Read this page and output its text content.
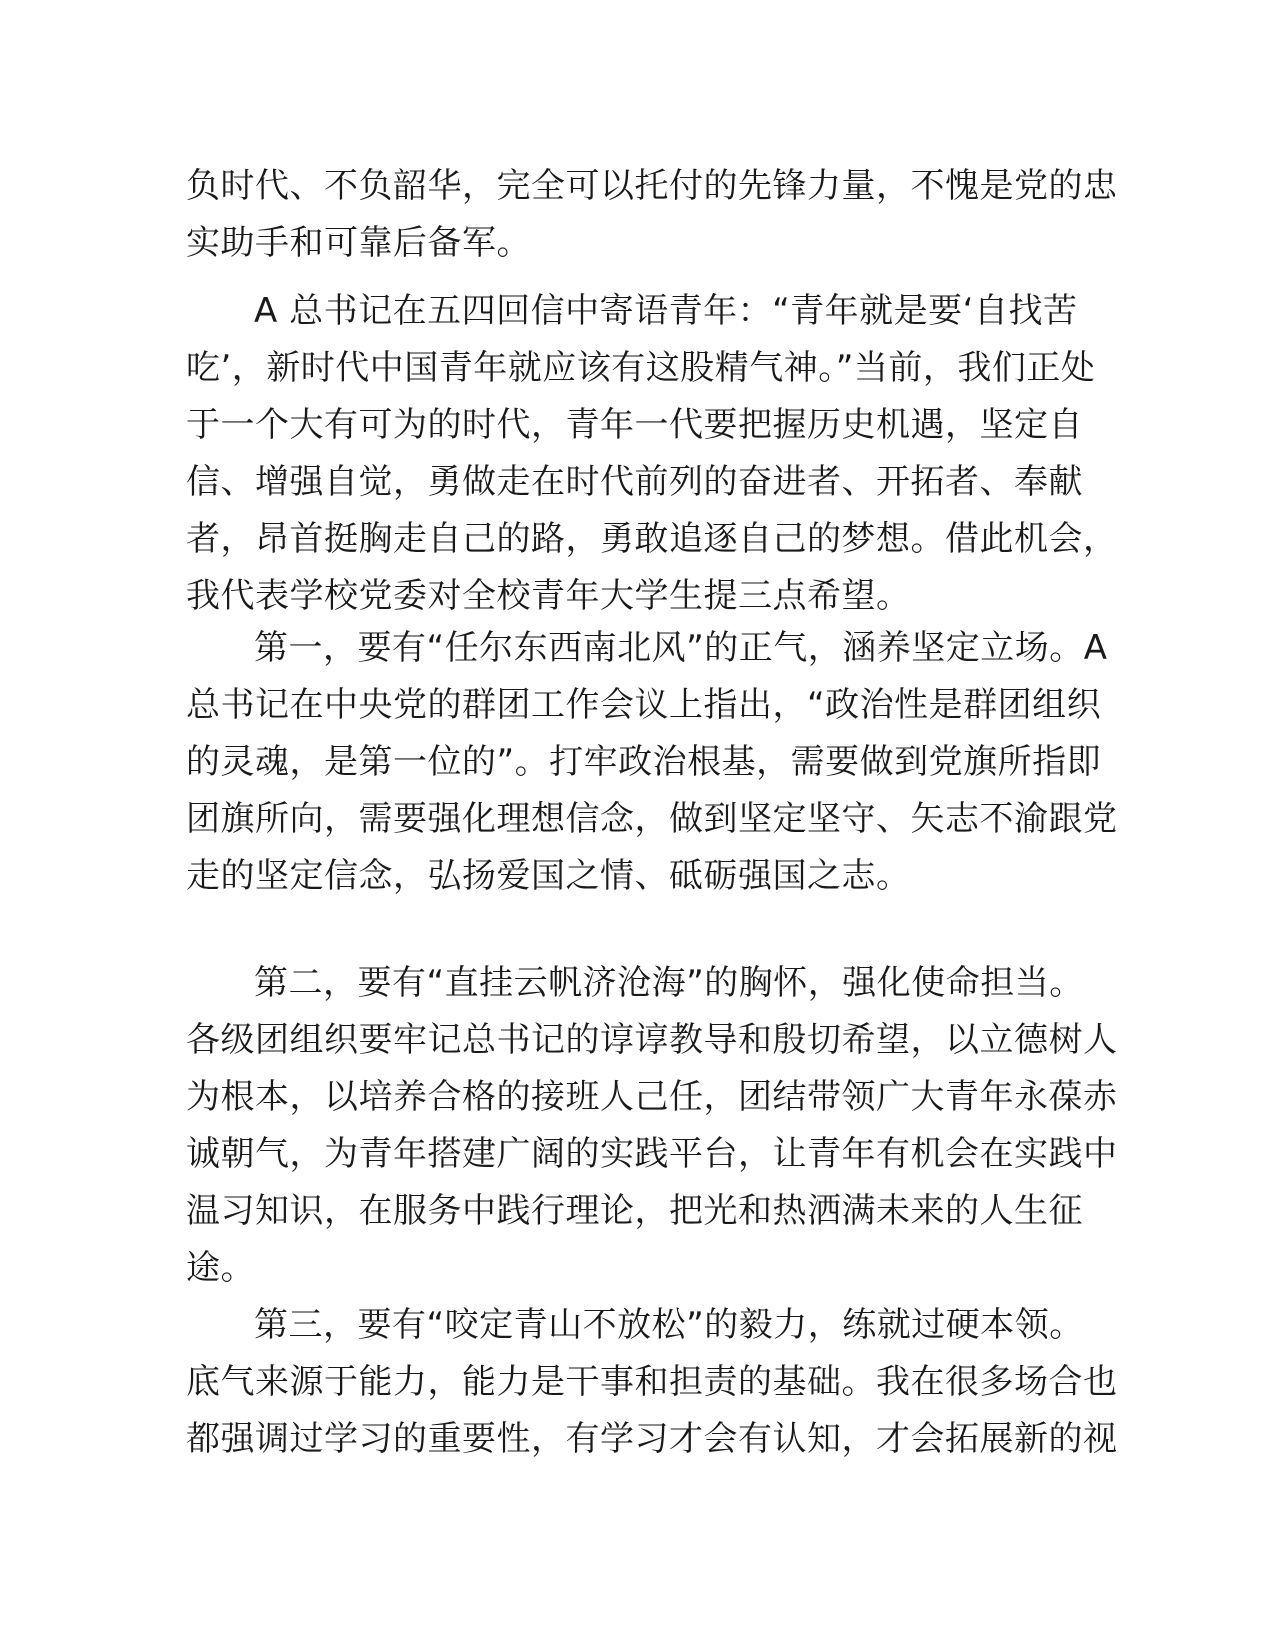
负时代、不负韶华，完全可以托付的先锋力量，不愧是党的忠
实助手和可靠后备军。
A 总书记在五四回信中寄语青年：“青年就是要‘自找苦
吃’，新时代中国青年就应该有这股精气神。”当前，我们正处
于一个大有可为的时代，青年一代要把握历史机遇，坚定自
信、增强自觉，勇做走在时代前列的奋进者、开拓者、奉献
者，昂首挺胸走自己的路，勇敢追逐自己的梦想。借此机会，
我代表学校党委对全校青年大学生提三点希望。
第一，要有“任尔东西南北风”的正气，涵养坚定立场。A
总书记在中央党的群团工作会议上指出，“政治性是群团组织
的灵魂，是第一位的”。打牢政治根基，需要做到党旗所指即
团旗所向，需要强化理想信念，做到坚定坚守、矢志不渝跟党
走的坚定信念，弘扬爱国之情、砥砺强国之志。
第二，要有“直挂云帆济沧海”的胸怀，强化使命担当。
各级团组织要牢记总书记的谆谆教导和殷切希望，以立德树人
为根本，以培养合格的接班人己任，团结带领广大青年永葆赤
诚朝气，为青年搭建广阔的实践平台，让青年有机会在实践中
温习知识，在服务中践行理论，把光和热洒满未来的人生征
途。
第三，要有“咬定青山不放松”的毅力，练就过硬本领。
底气来源于能力，能力是干事和担责的基础。我在很多场合也
都强调过学习的重要性，有学习才会有认知，才会拓展新的视
